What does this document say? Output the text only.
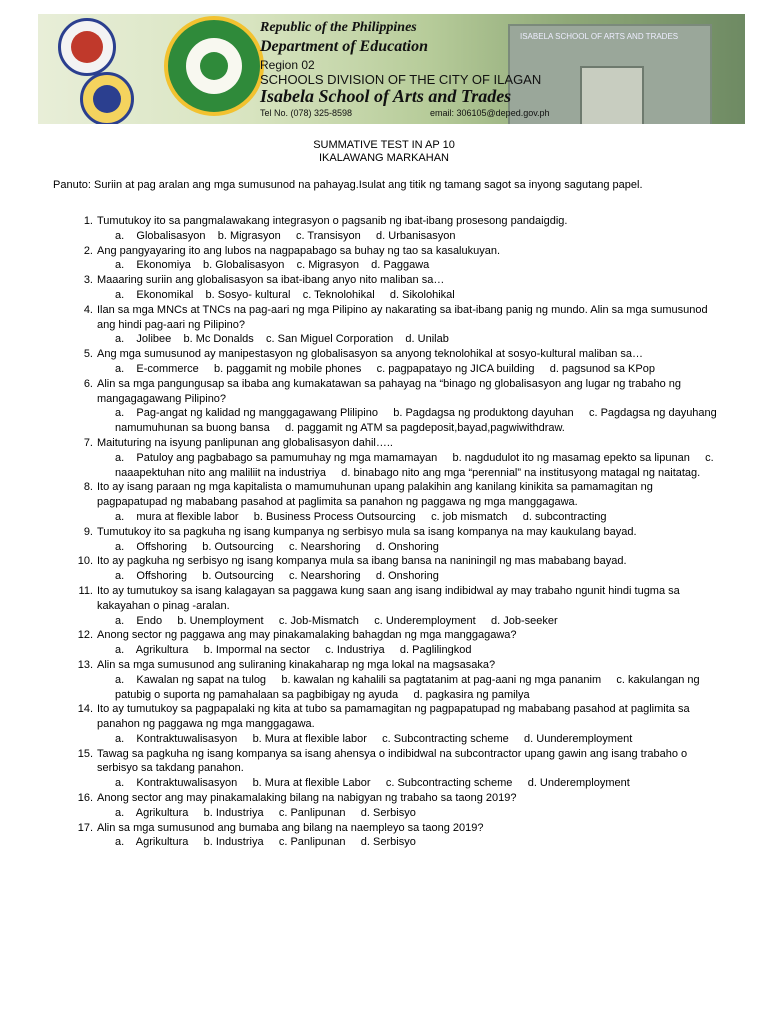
ISABELA SCHOOL OF ARTS AND TRADES
Republic of the Philippines
Department of Education
Region 02
SCHOOLS DIVISION OF THE CITY OF ILAGAN
Isabela School of Arts and Trades
Tel No. (078) 325-8598	email: 306105@deped.gov.ph
SUMMATIVE TEST IN AP 10
IKALAWANG MARKAHAN
Panuto: Suriin at pag aralan ang mga sumusunod na pahayag.Isulat ang titik ng tamang sagot sa inyong sagutang papel.
1. Tumutukoy ito sa pangmalawakang integrasyon o pagsanib ng ibat-ibang prosesong pandaigdig.
a.    Globalisasyon    b. Migrasyon     c. Transisyon     d. Urbanisasyon
2. Ang pangyayaring ito ang lubos na nagpapabago sa buhay ng tao sa kasalukuyan.
a.    Ekonomiya    b. Globalisasyon    c. Migrasyon    d. Paggawa
3. Maaaring suriin ang globalisasyon sa ibat-ibang anyo nito maliban sa…
a.    Ekonomikal    b. Sosyo- kultural    c. Teknolohikal     d. Sikolohikal
4. Ilan sa mga MNCs at TNCs na pag-aari ng mga Pilipino ay nakarating sa ibat-ibang panig ng mundo. Alin sa mga sumusunod ang hindi pag-aari ng Pilipino?
a.    Jolibee    b. Mc Donalds    c. San Miguel Corporation    d. Unilab
5. Ang mga sumusunod ay manipestasyon ng globalisasyon sa anyong teknolohikal at sosyo-kultural maliban sa…
a.    E-commerce     b. paggamit ng mobile phones     c. pagpapatayo ng JICA building     d. pagsunod sa KPop
6. Alin sa mga pangungusap sa ibaba ang kumakatawan sa pahayag na “binago ng globalisasyon ang lugar ng trabaho ng mangagagawang Pilipino?
a.    Pag-angat ng kalidad ng manggagawang Plilipino     b. Pagdagsa ng produktong dayuhan     c. Pagdagsa ng dayuhang namumuhunan sa buong bansa     d. paggamit ng ATM sa pagdeposit,bayad,pagwiwithdraw.
7. Maituturing na isyung panlipunan ang globalisasyon dahil…..
a.    Patuloy ang pagbabago sa pamumuhay ng mga mamamayan     b. nagdudulot ito ng masamag epekto sa lipunan     c. naaapektuhan nito ang maliliit na industriya     d. binabago nito ang mga “perennial” na institusyong matagal ng naitatag.
8. Ito ay isang paraan ng mga kapitalista o mamumuhunan upang palakihin ang kanilang kinikita sa pamamagitan ng pagpapatupad ng mababang pasahod at paglimita sa panahon ng paggawa ng mga manggagawa.
a.    mura at flexible labor     b. Business Process Outsourcing     c. job mismatch     d. subcontracting
9. Tumutukoy ito sa pagkuha ng isang kumpanya ng serbisyo mula sa isang kompanya na may kaukulang bayad.
a.    Offshoring     b. Outsourcing     c. Nearshoring     d. Onshoring
10. Ito ay pagkuha ng serbisyo ng isang kompanya mula sa ibang bansa na naniningil ng mas mababang bayad.
a.    Offshoring     b. Outsourcing     c. Nearshoring     d. Onshoring
11. Ito ay tumutukoy sa isang kalagayan sa paggawa kung saan ang isang indibidwal ay may trabaho ngunit hindi tugma sa kakayahan o pinag -aralan.
a.    Endo     b. Unemployment     c. Job-Mismatch     c. Underemployment     d. Job-seeker
12. Anong sector ng paggawa ang may pinakamalaking bahagdan ng mga manggagawa?
a.    Agrikultura     b. Impormal na sector     c. Industriya     d. Paglilingkod
13. Alin sa mga sumusunod ang suliraning kinakaharap ng mga lokal na magsasaka?
a.    Kawalan ng sapat na tulog     b. kawalan ng kahalili sa pagtatanim at pag-aani ng mga pananim     c. kakulangan ng patubig o suporta ng pamahalaan sa pagbibigay ng ayuda     d. pagkasira ng pamilya
14. Ito ay tumutukoy sa pagpapalaki ng kita at tubo sa pamamagitan ng pagpapatupad ng mababang pasahod at paglimita sa panahon ng paggawa ng mga manggagawa.
a.    Kontraktuwalisasyon     b. Mura at flexible labor     c. Subcontracting scheme     d. Uunderemployment
15. Tawag sa pagkuha ng isang kompanya sa isang ahensya o indibidwal na subcontractor upang gawin ang isang trabaho o serbisyo sa takdang panahon.
a.    Kontraktuwalisasyon     b. Mura at flexible Labor     c. Subcontracting scheme     d. Underemployment
16. Anong sector ang may pinakamalaking bilang na nabigyan ng trabaho sa taong 2019?
a.    Agrikultura     b. Industriya     c. Panlipunan     d. Serbisyo
17. Alin sa mga sumusunod ang bumaba ang bilang na naempleyo sa taong 2019?
a.    Agrikultura     b. Industriya     c. Panlipunan     d. Serbisyo
